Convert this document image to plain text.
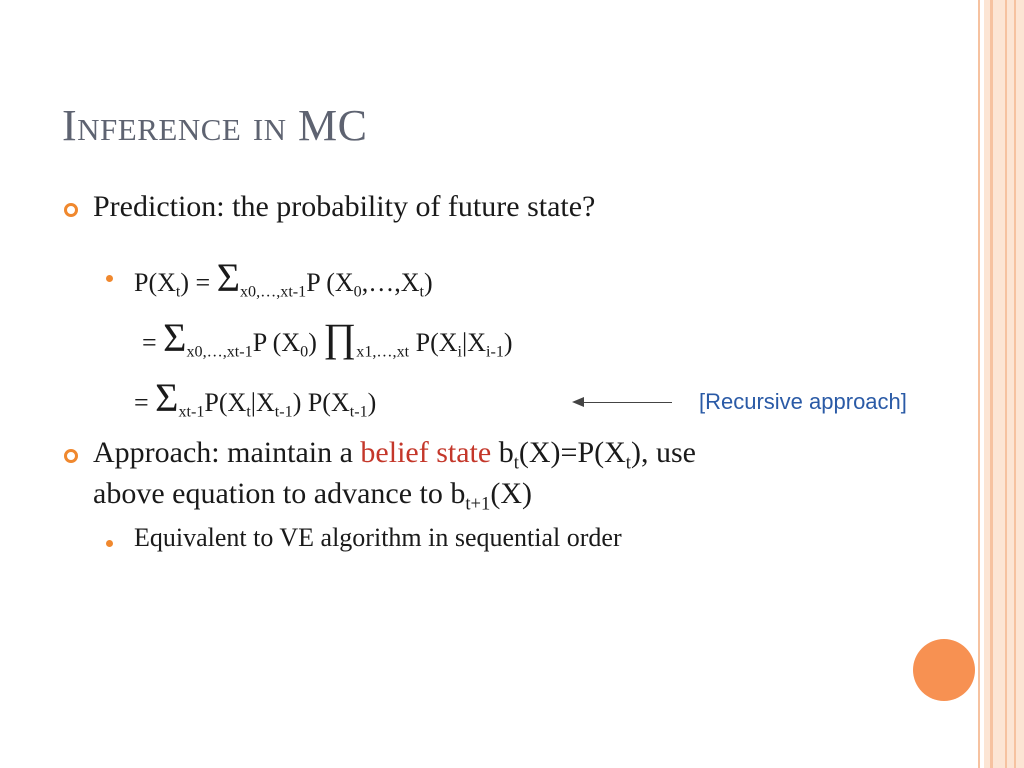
Inference in MC
Prediction: the probability of future state?
$P(X_t) = \Sigma_{x0,\dots,xt-1}P$ $(X_0,\dots,X_t)$
= $\Sigma_{x0,\dots,xt-1}P$ $(X_0)$ $\prod_{x1,\dots,xt}$ $P(X_i|X_{i-1})$
= $\Sigma_{xt-1}P(X_t|X_{t-1})$ $P(X_{t-1})$	[Recursive approach]
Approach: maintain a belief state $b_t(X)=P(X_t)$, use
above equation to advance to $b_{t+1}(X)$
Equivalent to VE algorithm in sequential order
